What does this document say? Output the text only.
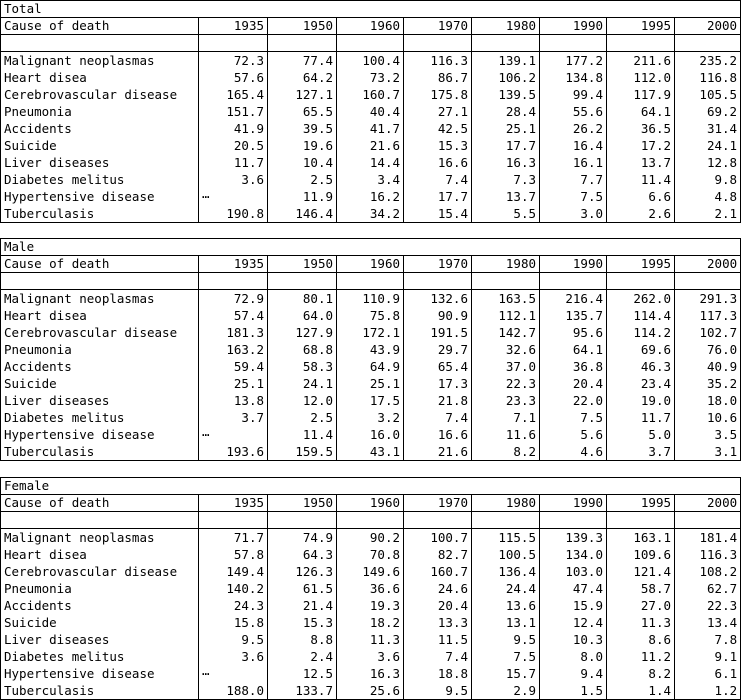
Total								
Cause of death	1935	1950	1960	1970	1980	1990	1995	2000

Malignant neoplasmas	72.3	77.4	100.4	116.3	139.1	177.2	211.6	235.2
Heart disea	57.6	64.2	73.2	86.7	106.2	134.8	112.0	116.8
Cerebrovascular disease	165.4	127.1	160.7	175.8	139.5	99.4	117.9	105.5
Pneumonia	151.7	65.5	40.4	27.1	28.4	55.6	64.1	69.2
Accidents	41.9	39.5	41.7	42.5	25.1	26.2	36.5	31.4
Suicide	20.5	19.6	21.6	15.3	17.7	16.4	17.2	24.1
Liver diseases	11.7	10.4	14.4	16.6	16.3	16.1	13.7	12.8
Diabetes melitus	3.6	2.5	3.4	7.4	7.3	7.7	11.4	9.8
Hypertensive disease	…	11.9	16.2	17.7	13.7	7.5	6.6	4.8
Tuberculasis	190.8	146.4	34.2	15.4	5.5	3.0	2.6	2.1
Male								
Cause of death	1935	1950	1960	1970	1980	1990	1995	2000

Malignant neoplasmas	72.9	80.1	110.9	132.6	163.5	216.4	262.0	291.3
Heart disea	57.4	64.0	75.8	90.9	112.1	135.7	114.4	117.3
Cerebrovascular disease	181.3	127.9	172.1	191.5	142.7	95.6	114.2	102.7
Pneumonia	163.2	68.8	43.9	29.7	32.6	64.1	69.6	76.0
Accidents	59.4	58.3	64.9	65.4	37.0	36.8	46.3	40.9
Suicide	25.1	24.1	25.1	17.3	22.3	20.4	23.4	35.2
Liver diseases	13.8	12.0	17.5	21.8	23.3	22.0	19.0	18.0
Diabetes melitus	3.7	2.5	3.2	7.4	7.1	7.5	11.7	10.6
Hypertensive disease	…	11.4	16.0	16.6	11.6	5.6	5.0	3.5
Tuberculasis	193.6	159.5	43.1	21.6	8.2	4.6	3.7	3.1
Female								
Cause of death	1935	1950	1960	1970	1980	1990	1995	2000

Malignant neoplasmas	71.7	74.9	90.2	100.7	115.5	139.3	163.1	181.4
Heart disea	57.8	64.3	70.8	82.7	100.5	134.0	109.6	116.3
Cerebrovascular disease	149.4	126.3	149.6	160.7	136.4	103.0	121.4	108.2
Pneumonia	140.2	61.5	36.6	24.6	24.4	47.4	58.7	62.7
Accidents	24.3	21.4	19.3	20.4	13.6	15.9	27.0	22.3
Suicide	15.8	15.3	18.2	13.3	13.1	12.4	11.3	13.4
Liver diseases	9.5	8.8	11.3	11.5	9.5	10.3	8.6	7.8
Diabetes melitus	3.6	2.4	3.6	7.4	7.5	8.0	11.2	9.1
Hypertensive disease	…	12.5	16.3	18.8	15.7	9.4	8.2	6.1
Tuberculasis	188.0	133.7	25.6	9.5	2.9	1.5	1.4	1.2
